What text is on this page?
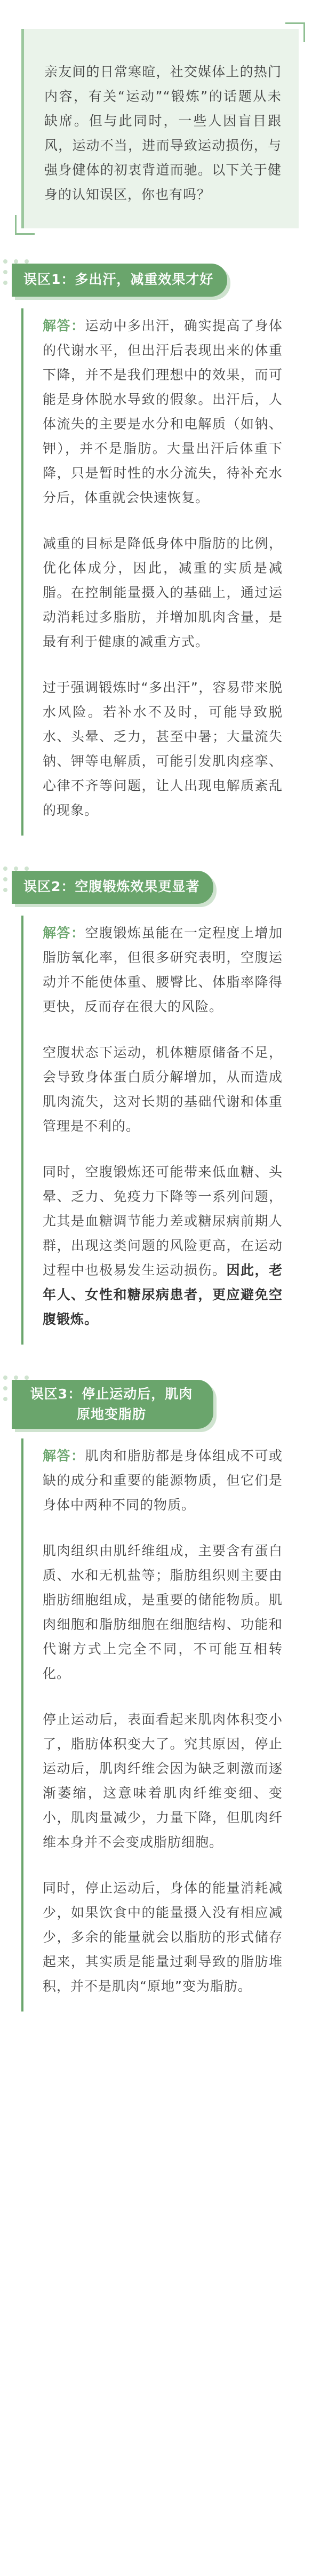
亲友间的日常寒暄，社交媒体上的热门内容，有关“运动”“锻炼”的话题从未缺席。但与此同时，一些人因盲目跟风，运动不当，进而导致运动损伤，与强身健体的初衷背道而驰。以下关于健身的认知误区，你也有吗？
误区1：多出汗，减重效果才好

解答：运动中多出汗，确实提高了身体的代谢水平，但出汗后表现出来的体重下降，并不是我们理想中的效果，而可能是身体脱水导致的假象。出汗后，人体流失的主要是水分和电解质（如钠、钾），并不是脂肪。大量出汗后体重下降，只是暂时性的水分流失，待补充水分后，体重就会快速恢复。

减重的目标是降低身体中脂肪的比例，优化体成分，因此，减重的实质是减脂。在控制能量摄入的基础上，通过运动消耗过多脂肪，并增加肌肉含量，是最有利于健康的减重方式。

过于强调锻炼时“多出汗”，容易带来脱水风险。若补水不及时，可能导致脱水、头晕、乏力，甚至中暑；大量流失钠、钾等电解质，可能引发肌肉痉挛、心律不齐等问题，让人出现电解质紊乱的现象。

误区2：空腹锻炼效果更显著

解答：空腹锻炼虽能在一定程度上增加脂肪氧化率，但很多研究表明，空腹运动并不能使体重、腰臀比、体脂率降得更快，反而存在很大的风险。

空腹状态下运动，机体糖原储备不足，会导致身体蛋白质分解增加，从而造成肌肉流失，这对长期的基础代谢和体重管理是不利的。

同时，空腹锻炼还可能带来低血糖、头晕、乏力、免疫力下降等一系列问题，尤其是血糖调节能力差或糖尿病前期人群，出现这类问题的风险更高，在运动过程中也极易发生运动损伤。因此，老年人、女性和糖尿病患者，更应避免空腹锻炼。

误区3：停止运动后，肌肉原地变脂肪

解答：肌肉和脂肪都是身体组成不可或缺的成分和重要的能源物质，但它们是身体中两种不同的物质。

肌肉组织由肌纤维组成，主要含有蛋白质、水和无机盐等；脂肪组织则主要由脂肪细胞组成，是重要的储能物质。肌肉细胞和脂肪细胞在细胞结构、功能和代谢方式上完全不同，不可能互相转化。

停止运动后，表面看起来肌肉体积变小了，脂肪体积变大了。究其原因，停止运动后，肌肉纤维会因为缺乏刺激而逐渐萎缩，这意味着肌肉纤维变细、变小，肌肉量减少，力量下降，但肌肉纤维本身并不会变成脂肪细胞。

同时，停止运动后，身体的能量消耗减少，如果饮食中的能量摄入没有相应减少，多余的能量就会以脂肪的形式储存起来，其实质是能量过剩导致的脂肪堆积，并不是肌肉“原地”变为脂肪。
